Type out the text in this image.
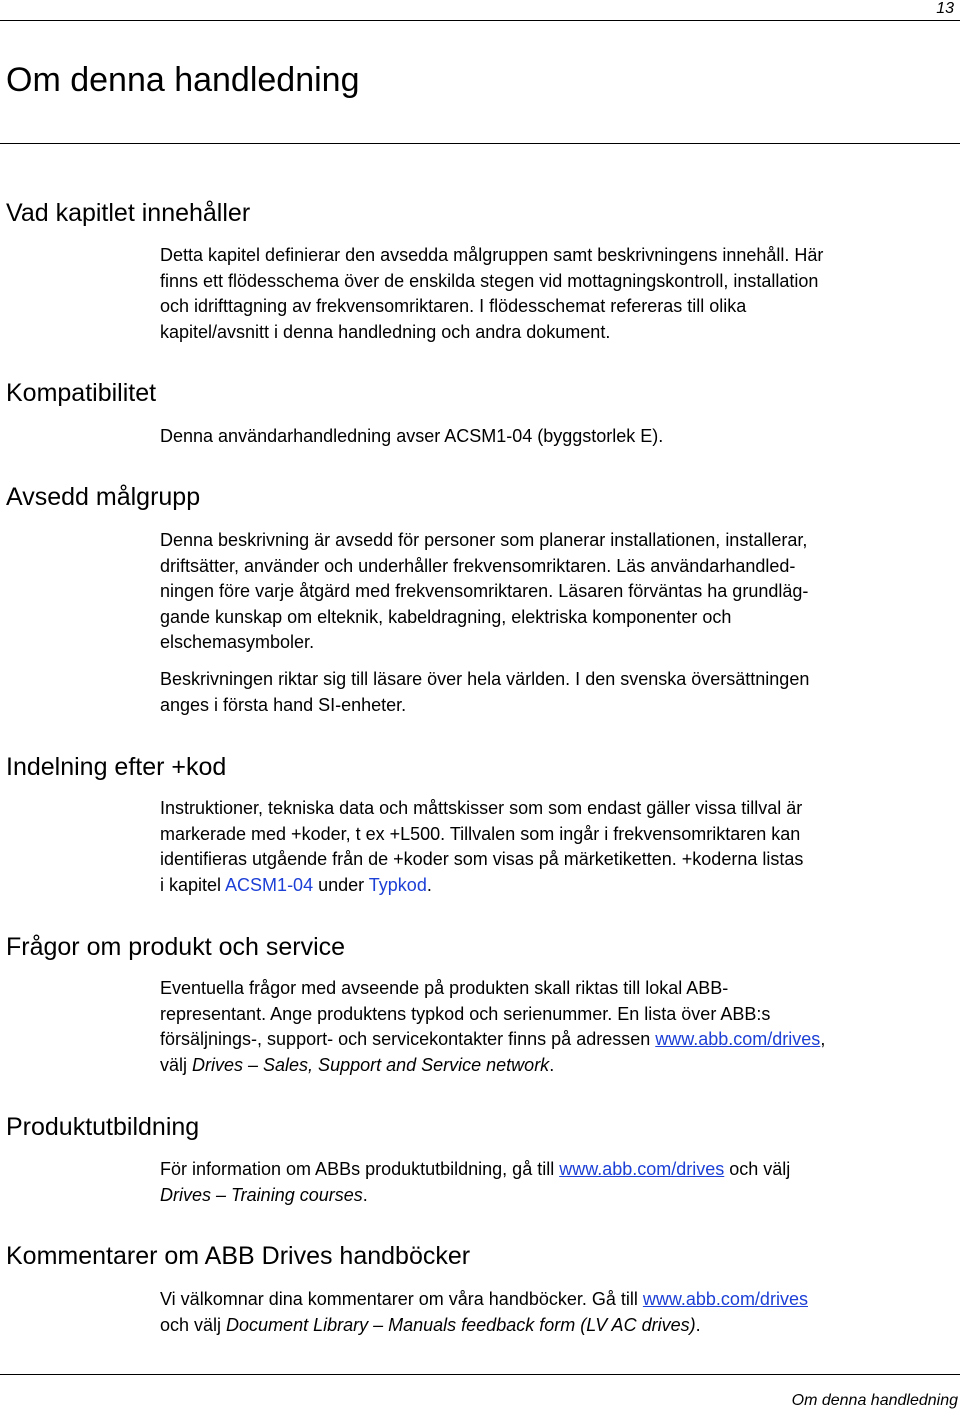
13
Om denna handledning
Vad kapitlet innehåller
Detta kapitel definierar den avsedda målgruppen samt beskrivningens innehåll. Här
finns ett flödesschema över de enskilda stegen vid mottagningskontroll, installation
och idrifttagning av frekvensomriktaren. I flödesschemat refereras till olika
kapitel/avsnitt i denna handledning och andra dokument.
Kompatibilitet
Denna användarhandledning avser ACSM1-04 (byggstorlek E).
Avsedd målgrupp
Denna beskrivning är avsedd för personer som planerar installationen, installerar,
driftsätter, använder och underhåller frekvensomriktaren. Läs användarhandled-
ningen före varje åtgärd med frekvensomriktaren. Läsaren förväntas ha grundläg-
gande kunskap om elteknik, kabeldragning, elektriska komponenter och
elschemasymboler.
Beskrivningen riktar sig till läsare över hela världen. I den svenska översättningen
anges i första hand SI-enheter.
Indelning efter +kod
Instruktioner, tekniska data och måttskisser som som endast gäller vissa tillval är
markerade med +koder, t ex +L500. Tillvalen som ingår i frekvensomriktaren kan
identifieras utgående från de +koder som visas på märketiketten. +koderna listas
i kapitel ACSM1-04 under Typkod.
Frågor om produkt och service
Eventuella frågor med avseende på produkten skall riktas till lokal ABB-
representant. Ange produktens typkod och serienummer. En lista över ABB:s
försäljnings-, support- och servicekontakter finns på adressen www.abb.com/drives,
välj Drives – Sales, Support and Service network.
Produktutbildning
För information om ABBs produktutbildning, gå till www.abb.com/drives och välj
Drives – Training courses.
Kommentarer om ABB Drives handböcker
Vi välkomnar dina kommentarer om våra handböcker. Gå till www.abb.com/drives
och välj Document Library – Manuals feedback form (LV AC drives).
Om denna handledning
